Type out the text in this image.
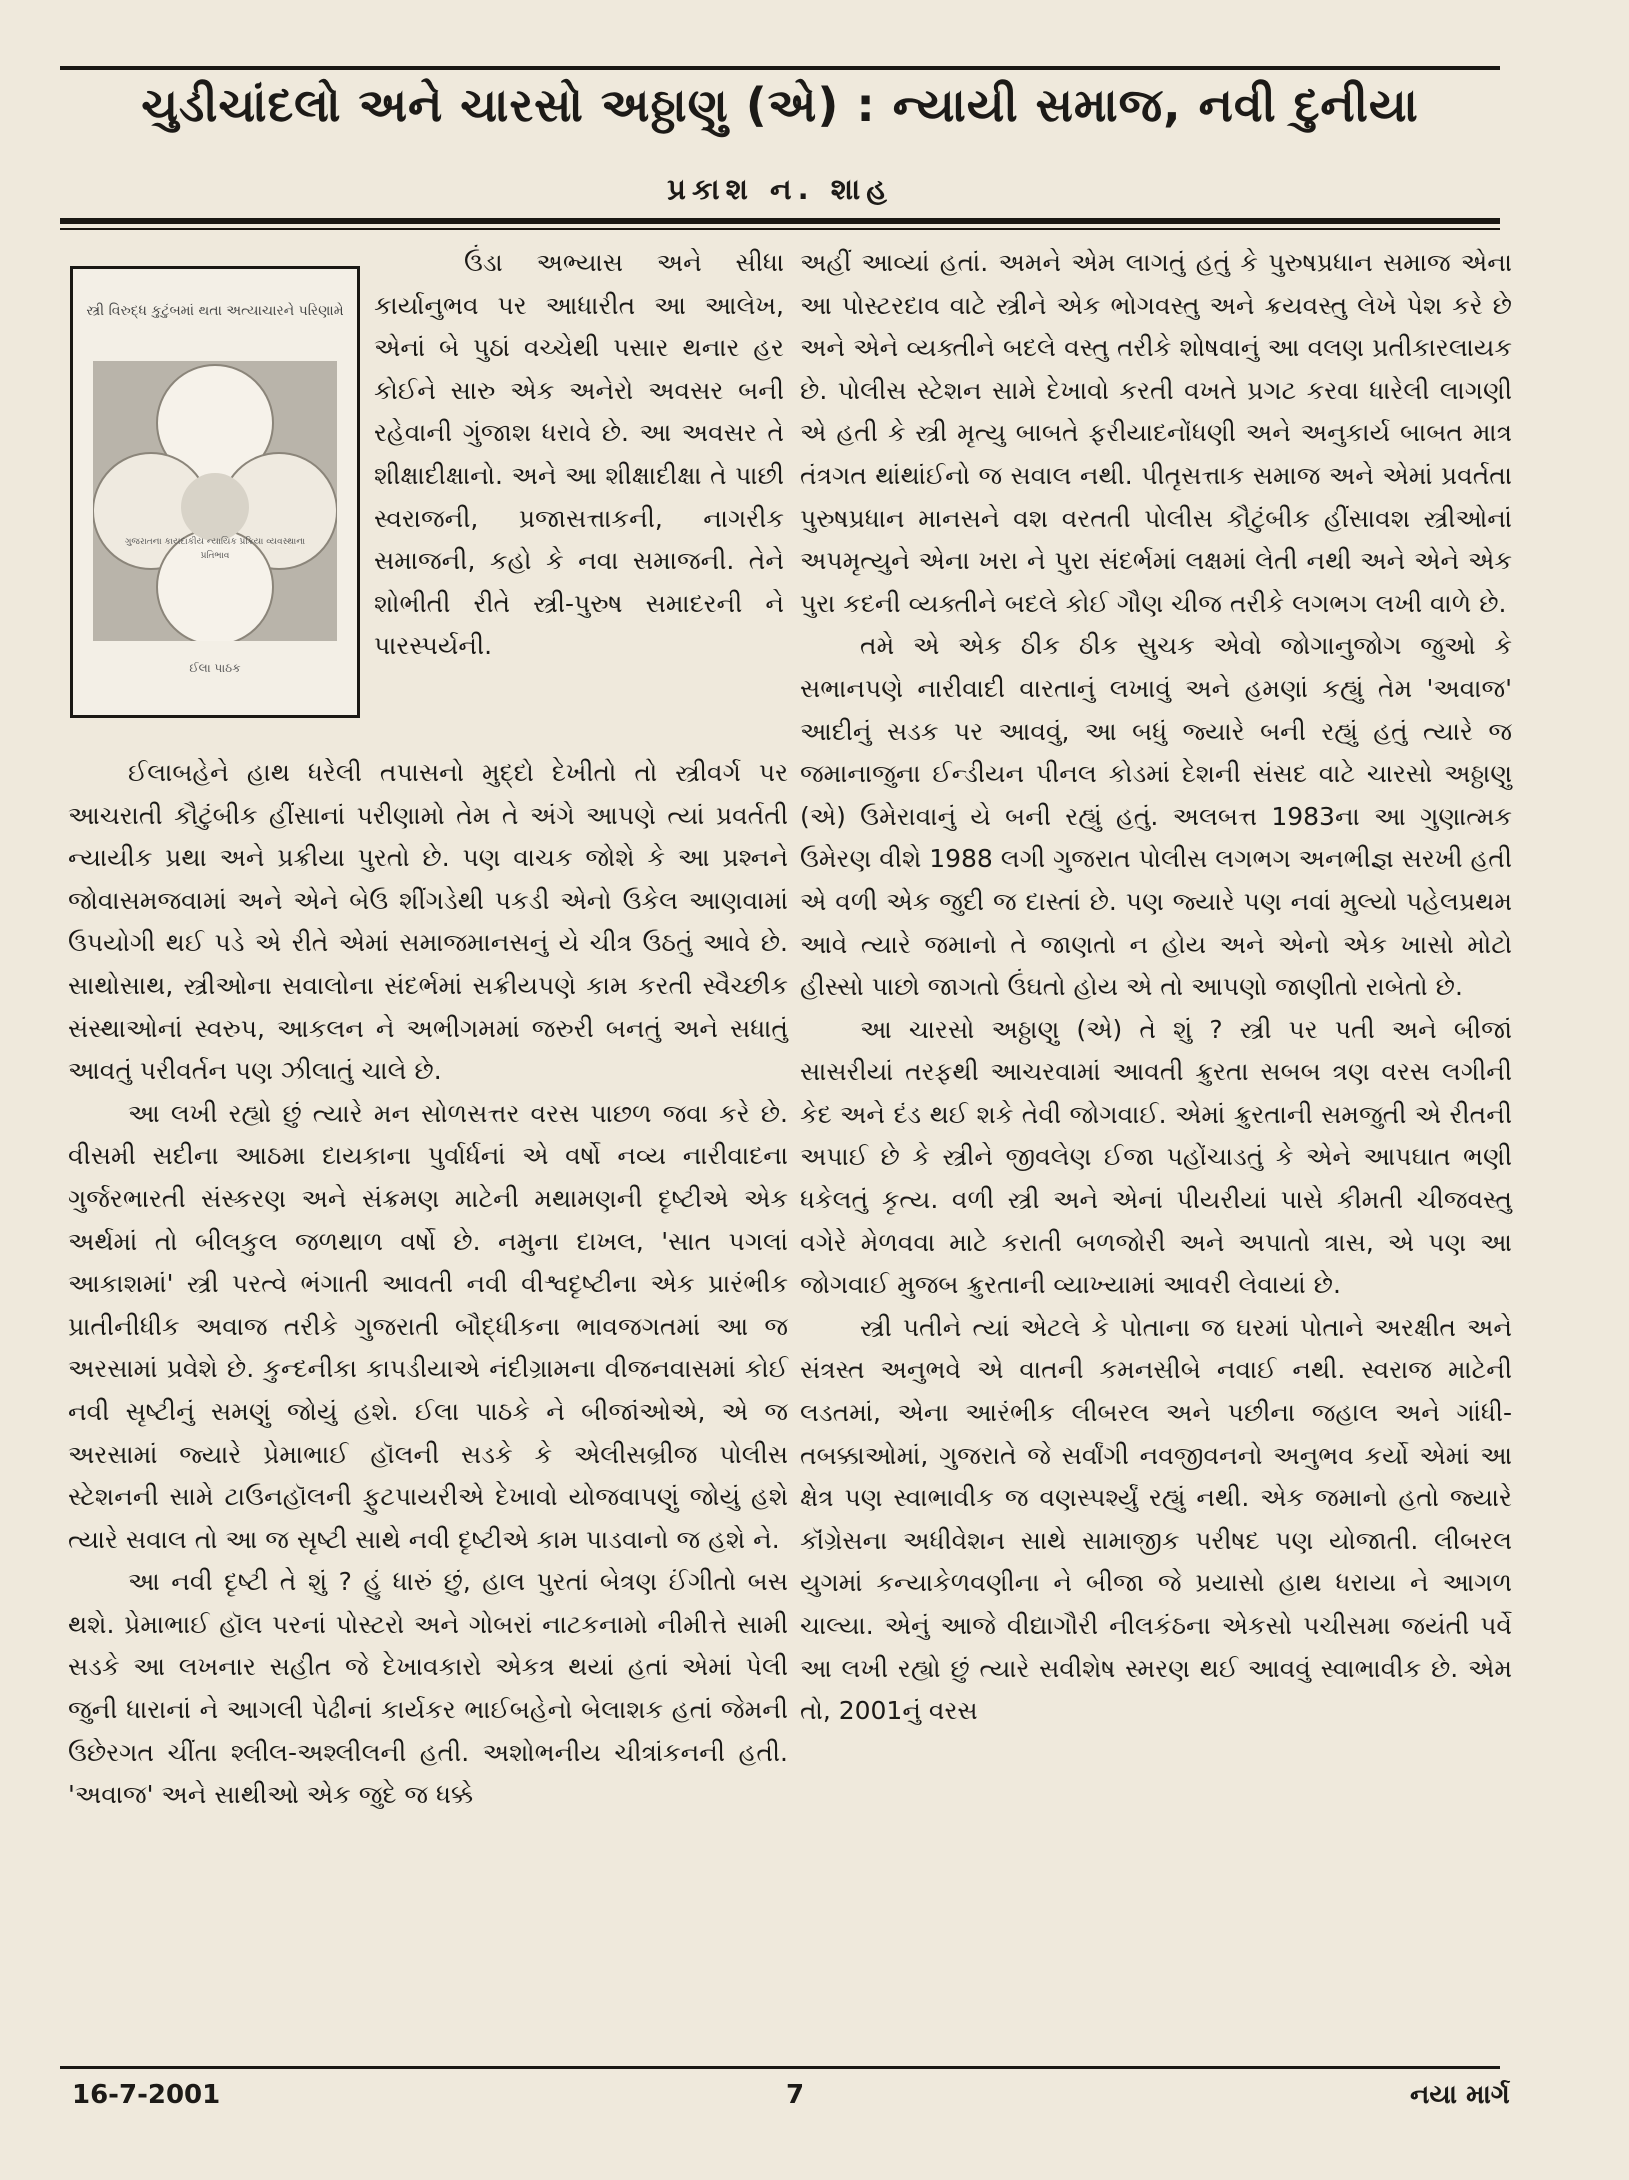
ચુડીચાંદલો અને ચારસો અઠ્ઠાણુ (એ) : ન્યાયી સમાજ, નવી દુનીયા
પ્રકાશ ન. શાહ
સ્ત્રી વિરુદ્ધ કુટુંબમાં થતા અત્યાચારને પરિણામે
ગુજરાતના કાયદાકીય ન્યાયિક પ્રક્રિયા વ્યવસ્થાના પ્રતિભાવ
ઈલા પાઠક

ઉંડા અભ્યાસ અને સીધા કાર્યાનુભવ પર આધારીત આ આલેખ, એનાં બે પુઠાં વચ્ચેથી પસાર થનાર હર કોઈને સારુ એક અનેરો અવસર બની રહેવાની ગુંજાશ ધરાવે છે. આ અવસર તે શીક્ષાદીક્ષાનો. અને આ શીક્ષાદીક્ષા તે પાછી સ્વરાજની, પ્રજાસત્તાકની, નાગરીક સમાજની, કહો કે નવા સમાજની. તેને શોભીતી રીતે સ્ત્રી-પુરુષ સમાદરની ને પારસ્પર્યની.

ઈલાબહેને હાથ ધરેલી તપાસનો મુદ્દો દેખીતો તો સ્ત્રીવર્ગ પર આચરાતી કૌટુંબીક હીંસાનાં પરીણામો તેમ તે અંગે આપણે ત્યાં પ્રવર્તતી ન્યાયીક પ્રથા અને પ્રક્રીયા પુરતો છે. પણ વાચક જોશે કે આ પ્રશ્નને જોવાસમજવામાં અને એને બેઉ શીંગડેથી પકડી એનો ઉકેલ આણવામાં ઉપયોગી થઈ પડે એ રીતે એમાં સમાજમાનસનું યે ચીત્ર ઉઠતું આવે છે. સાથોસાથ, સ્ત્રીઓના સવાલોના સંદર્ભમાં સક્રીયપણે કામ કરતી સ્વૈચ્છીક સંસ્થાઓનાં સ્વરુપ, આકલન ને અભીગમમાં જરુરી બનતું અને સધાતું આવતું પરીવર્તન પણ ઝીલાતું ચાલે છે.

આ લખી રહ્યો છું ત્યારે મન સોળસત્તર વરસ પાછળ જવા કરે છે. વીસમી સદીના આઠમા દાયકાના પુર્વાર્ધનાં એ વર્ષો નવ્ય નારીવાદના ગુર્જરભારતી સંસ્કરણ અને સંક્રમણ માટેની મથામણની દૃષ્ટીએ એક અર્થમાં તો બીલકુલ જળથાળ વર્ષો છે. નમુના દાખલ, 'સાત પગલાં આકાશમાં' સ્ત્રી પરત્વે ભંગાતી આવતી નવી વીશ્વદૃષ્ટીના એક પ્રારંભીક પ્રાતીનીધીક અવાજ તરીકે ગુજરાતી બૌદ્ધીકના ભાવજગતમાં આ જ અરસામાં પ્રવેશે છે. કુન્દનીકા કાપડીયાએ નંદીગ્રામના વીજનવાસમાં કોઈ નવી સૃષ્ટીનું સમણું જોયું હશે. ઈલા પાઠકે ને બીજાંઓએ, એ જ અરસામાં જ્યારે પ્રેમાભાઈ હૉલની સડકે કે એલીસબ્રીજ પોલીસ સ્ટેશનની સામે ટાઉનહૉલની ફુટપાયરીએ દેખાવો યોજવાપણું જોયું હશે ત્યારે સવાલ તો આ જ સૃષ્ટી સાથે નવી દૃષ્ટીએ કામ પાડવાનો જ હશે ને.

આ નવી દૃષ્ટી તે શું ? હું ધારું છું, હાલ પુરતાં બેત્રણ ઈંગીતો બસ થશે. પ્રેમાભાઈ હૉલ પરનાં પોસ્ટરો અને ગોબરાં નાટકનામો નીમીત્તે સામી સડકે આ લખનાર સહીત જે દેખાવકારો એકત્ર થયાં હતાં એમાં પેલી જુની ધારાનાં ને આગલી પેઢીનાં કાર્યકર ભાઈબહેનો બેલાશક હતાં જેમની ઉછેરગત ચીંતા શ્લીલ-અશ્લીલની હતી. અશોભનીય ચીત્રાંકનની હતી. 'અવાજ' અને સાથીઓ એક જુદે જ ધક્કે

અહીં આવ્યાં હતાં. અમને એમ લાગતું હતું કે પુરુષપ્રધાન સમાજ એના આ પોસ્ટરદાવ વાટે સ્ત્રીને એક ભોગવસ્તુ અને ક્રયવસ્તુ લેખે પેશ કરે છે અને એને વ્યક્તીને બદલે વસ્તુ તરીકે શોષવાનું આ વલણ પ્રતીકારલાયક છે. પોલીસ સ્ટેશન સામે દેખાવો કરતી વખતે પ્રગટ કરવા ધારેલી લાગણી એ હતી કે સ્ત્રી મૃત્યુ બાબતે ફરીયાદનોંધણી અને અનુકાર્ય બાબત માત્ર તંત્રગત થાંથાંઈનો જ સવાલ નથી. પીતૃસત્તાક સમાજ અને એમાં પ્રવર્તતા પુરુષપ્રધાન માનસને વશ વરતતી પોલીસ કૌટુંબીક હીંસાવશ સ્ત્રીઓનાં અપમૃત્યુને એના ખરા ને પુરા સંદર્ભમાં લક્ષમાં લેતી નથી અને એને એક પુરા કદની વ્યક્તીને બદલે કોઈ ગૌણ ચીજ તરીકે લગભગ લખી વાળે છે.

તમે એ એક ઠીક ઠીક સુચક એવો જોગાનુજોગ જુઓ કે સભાનપણે નારીવાદી વારતાનું લખાવું અને હમણાં કહ્યું તેમ 'અવાજ' આદીનું સડક પર આવવું, આ બધું જ્યારે બની રહ્યું હતું ત્યારે જ જમાનાજુના ઈન્ડીયન પીનલ કોડમાં દેશની સંસદ વાટે ચારસો અઠ્ઠાણુ (એ) ઉમેરાવાનું યે બની રહ્યું હતું. અલબત્ત 1983ના આ ગુણાત્મક ઉમેરણ વીશે 1988 લગી ગુજરાત પોલીસ લગભગ અનભીજ્ઞ સરખી હતી એ વળી એક જુદી જ દાસ્તાં છે. પણ જ્યારે પણ નવાં મુલ્યો પહેલપ્રથમ આવે ત્યારે જમાનો તે જાણતો ન હોય અને એનો એક ખાસો મોટો હીસ્સો પાછો જાગતો ઉંઘતો હોય એ તો આપણો જાણીતો રાબેતો છે.

આ ચારસો અઠ્ઠાણુ (એ) તે શું ? સ્ત્રી પર પતી અને બીજાં સાસરીયાં તરફથી આચરવામાં આવતી ક્રુરતા સબબ ત્રણ વરસ લગીની કેદ અને દંડ થઈ શકે તેવી જોગવાઈ. એમાં ક્રુરતાની સમજુતી એ રીતની અપાઈ છે કે સ્ત્રીને જીવલેણ ઈજા પહોંચાડતું કે એને આપઘાત ભણી ધકેલતું કૃત્ય. વળી સ્ત્રી અને એનાં પીયરીયાં પાસે કીમતી ચીજવસ્તુ વગેરે મેળવવા માટે કરાતી બળજોરી અને અપાતો ત્રાસ, એ પણ આ જોગવાઈ મુજબ ક્રુરતાની વ્યાખ્યામાં આવરી લેવાયાં છે.

સ્ત્રી પતીને ત્યાં એટલે કે પોતાના જ ઘરમાં પોતાને અરક્ષીત અને સંત્રસ્ત અનુભવે એ વાતની કમનસીબે નવાઈ નથી. સ્વરાજ માટેની લડતમાં, એના આરંભીક લીબરલ અને પછીના જહાલ અને ગાંધી-તબક્કાઓમાં, ગુજરાતે જે સર્વાંગી નવજીવનનો અનુભવ કર્યો એમાં આ ક્ષેત્ર પણ સ્વાભાવીક જ વણસ્પર્શ્યું રહ્યું નથી. એક જમાનો હતો જ્યારે કૉંગ્રેસના અધીવેશન સાથે સામાજીક પરીષદ પણ યોજાતી. લીબરલ યુગમાં કન્યાકેળવણીના ને બીજા જે પ્રયાસો હાથ ધરાયા ને આગળ ચાલ્યા. એનું આજે વીદ્યાગૌરી નીલકંઠના એકસો પચીસમા જયંતી પર્વે આ લખી રહ્યો છું ત્યારે સવીશેષ સ્મરણ થઈ આવવું સ્વાભાવીક છે. એમ તો, 2001નું વરસ

16-7-2001	7	નયા માર્ગ
